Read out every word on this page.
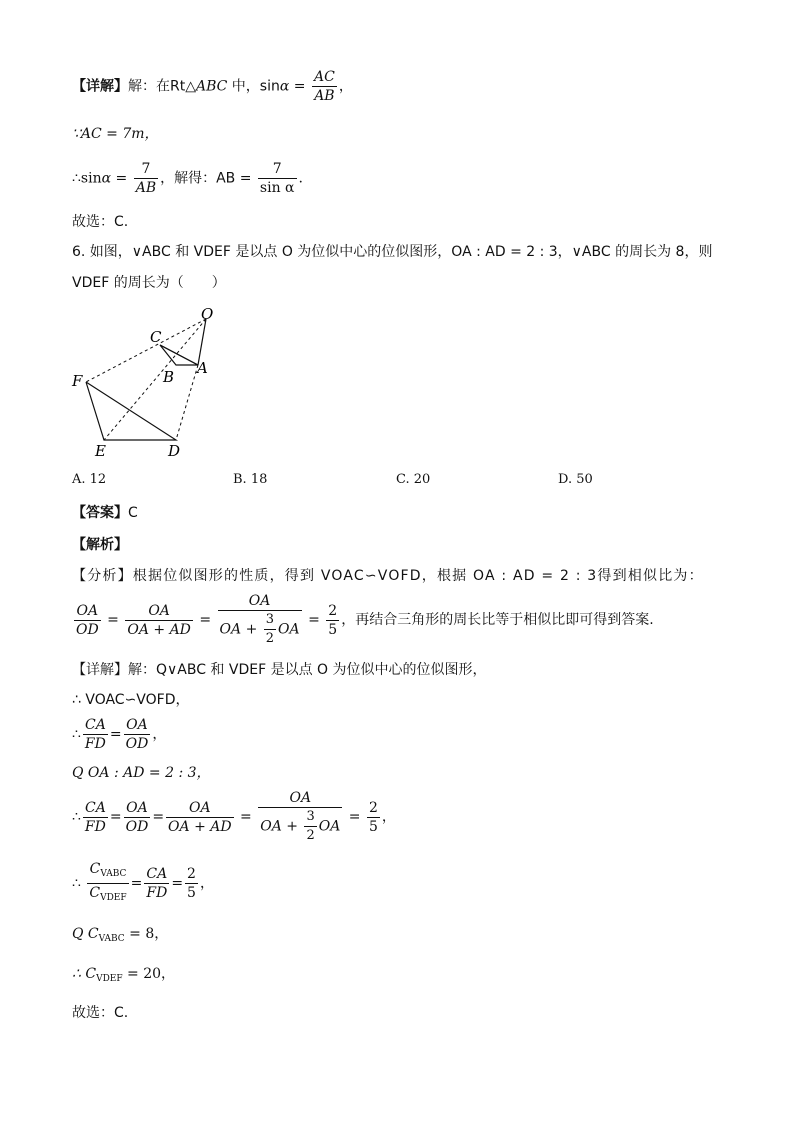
【详解】解：在Rt△ABC 中，$\sin\alpha = \frac{AC}{AB}$ ，
∵AC = 7m，
∴sinα = $\frac{7}{AB}$ ，解得：AB = $\frac{7}{\text{sin α}}$ .
故选：C.
6. 如图，∨ABC 和 VDEF 是以点 O 为位似中心的位似图形，OA : AD = 2 : 3，∨ABC 的周长为 8，则
VDEF 的周长为（　　）
O
C
B A
F
E	D
A. 12	B. 18	C. 20	D. 50
【答案】C
【解析】
【分析】根据位似图形的性质，得到 VOAC∽VOFD，根据 OA : AD = 2 : 3得到相似比为：
$\frac{OA}{OD} = \frac{OA}{OA + AD} = \frac{OA}{OA + \frac{3}{2} OA} = \frac{2}{5}$ ，再结合三角形的周长比等于相似比即可得到答案.
【详解】解：Q∨ABC 和 VDEF 是以点 O 为位似中心的位似图形，
∴ VOAC∽VOFD，
∴ $\frac{CA}{FD} = \frac{OA}{OD}$ ，
Q OA : AD = 2 : 3，
∴ $\frac{CA}{FD} = \frac{OA}{OD} = \frac{OA}{OA + AD} = \frac{OA}{OA + \frac{3}{2} OA} = \frac{2}{5}$ ，
∴ $\frac{C_{VABC}}{C_{VDEF}} = \frac{CA}{FD} = \frac{2}{5}$ ，
Q $C_{VABC} = 8$，
∴ $C_{VDEF} = 20$，
故选：C.
